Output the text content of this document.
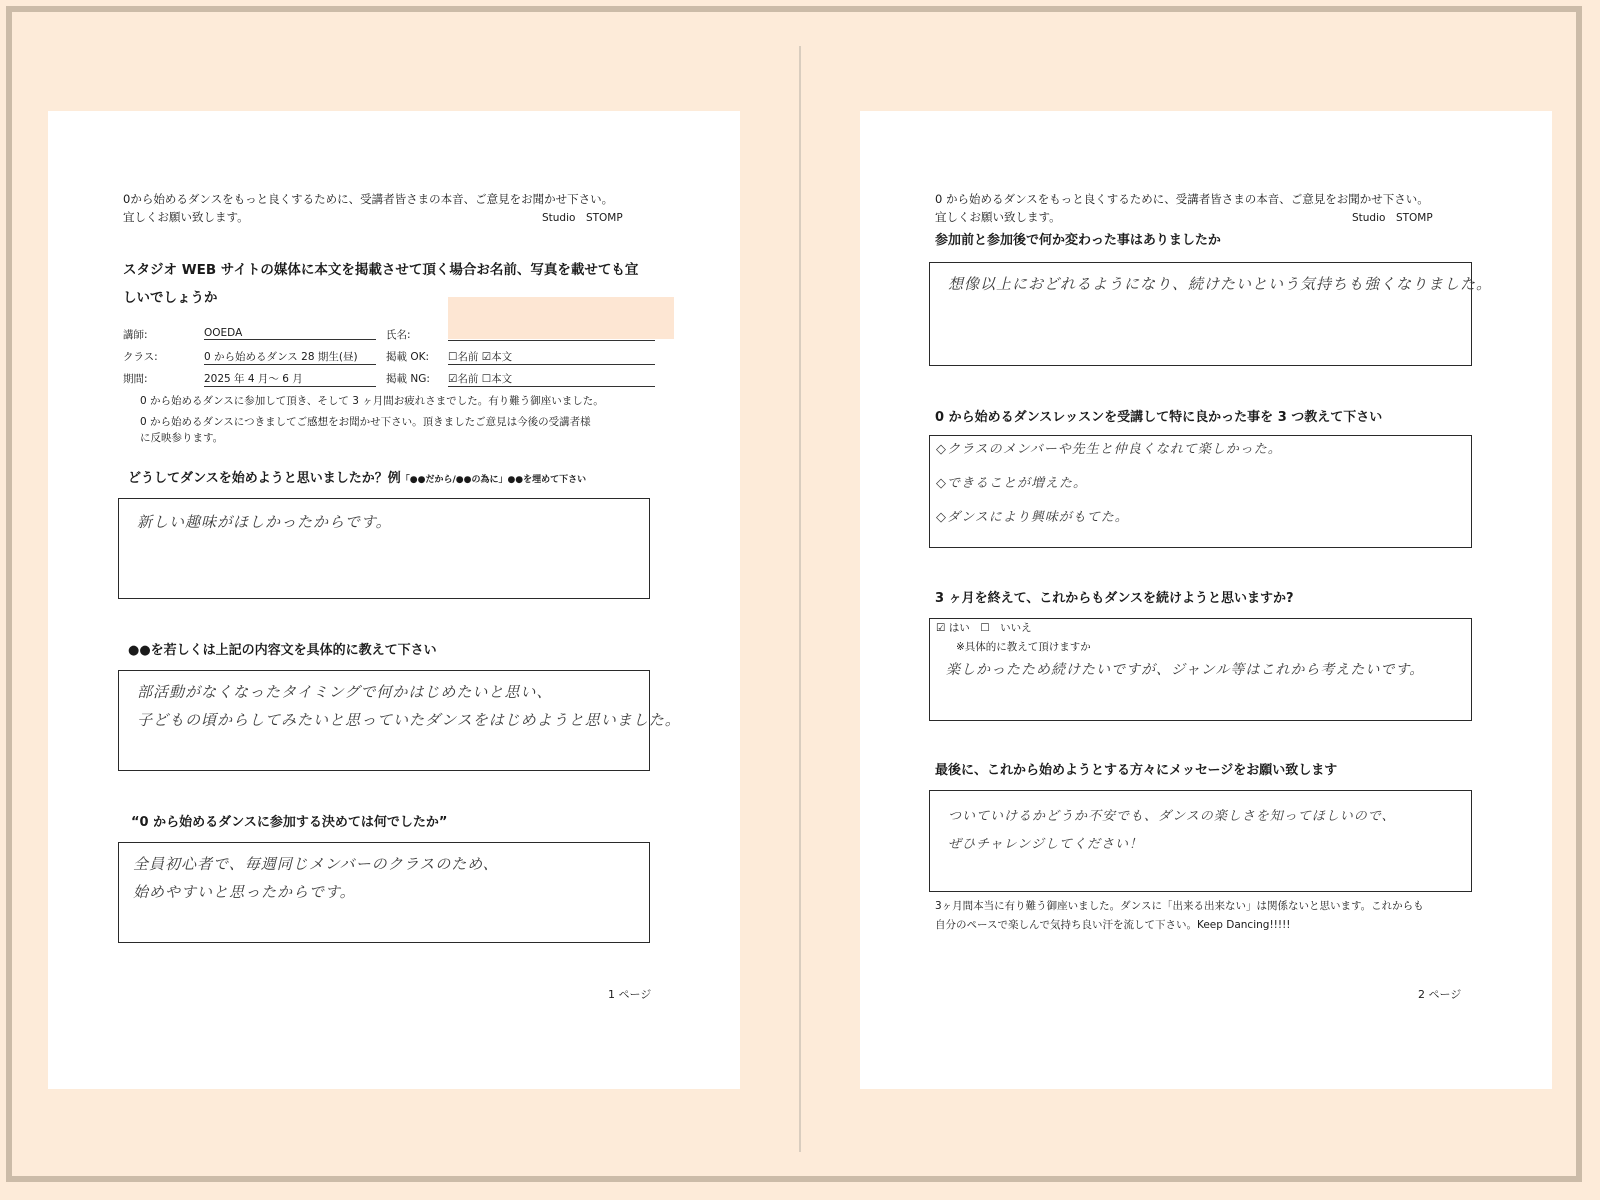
0から始めるダンスをもっと良くするために、受講者皆さまの本音、ご意見をお聞かせ下さい。
宜しくお願い致します。	Studio　STOMP
スタジオ WEB サイトの媒体に本文を掲載させて頂く場合お名前、写真を載せても宜
しいでしょうか
講師:	OOEDA	氏名:
クラス:	0 から始めるダンス 28 期生(昼)	掲載 OK: ☐名前 ☑本文
期間:	2025 年 4 月～ 6 月	掲載 NG: ☑名前 ☐本文
0 から始めるダンスに参加して頂き、そして 3 ヶ月間お疲れさまでした。有り難う御座いました。
0 から始めるダンスにつきましてご感想をお聞かせ下さい。頂きましたご意見は今後の受講者様
に反映参ります。
どうしてダンスを始めようと思いましたか？例「●●だから/●●の為に」●●を埋めて下さい
新しい趣味がほしかったからです。
●●を若しくは上記の内容文を具体的に教えて下さい
部活動がなくなったタイミングで何かはじめたいと思い、
子どもの頃からしてみたいと思っていたダンスをはじめようと思いました。
“0 から始めるダンスに参加する決めては何でしたか”
全員初心者で、毎週同じメンバーのクラスのため、
始めやすいと思ったからです。
1 ページ
0 から始めるダンスをもっと良くするために、受講者皆さまの本音、ご意見をお聞かせ下さい。
宜しくお願い致します。	Studio　STOMP
参加前と参加後で何か変わった事はありましたか
想像以上におどれるようになり、続けたいという気持ちも強くなりました。
0 から始めるダンスレッスンを受講して特に良かった事を 3 つ教えて下さい
◇クラスのメンバーや先生と仲良くなれて楽しかった。
◇できることが増えた。
◇ダンスにより興味がもてた。
3 ヶ月を終えて、これからもダンスを続けようと思いますか?
☑ はい　☐　いいえ
※具体的に教えて頂けますか
楽しかったため続けたいですが、ジャンル等はこれから考えたいです。
最後に、これから始めようとする方々にメッセージをお願い致します
ついていけるかどうか不安でも、ダンスの楽しさを知ってほしいので、
ぜひチャレンジしてください！
3ヶ月間本当に有り難う御座いました。ダンスに「出来る出来ない」は関係ないと思います。これからも
自分のペースで楽しんで気持ち良い汗を流して下さい。Keep Dancing!!!!!
2 ページ
